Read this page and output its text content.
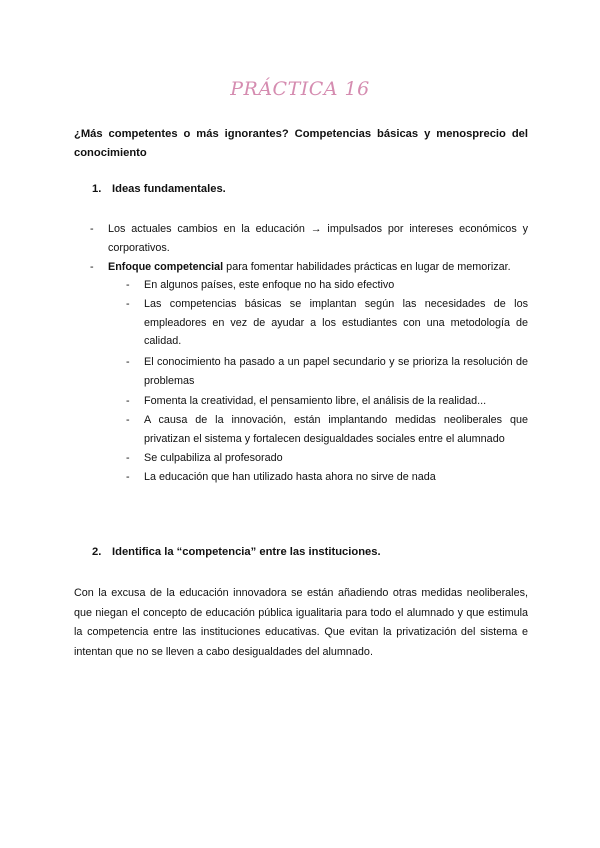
PRÁCTICA 16
¿Más competentes o más ignorantes? Competencias básicas y menosprecio del conocimiento
1. Ideas fundamentales.
- Los actuales cambios en la educación → impulsados por intereses económicos y corporativos.
- Enfoque competencial para fomentar habilidades prácticas en lugar de memorizar.
- En algunos países, este enfoque no ha sido efectivo
- Las competencias básicas se implantan según las necesidades de los empleadores en vez de ayudar a los estudiantes con una metodología de calidad.
- El conocimiento ha pasado a un papel secundario y se prioriza la resolución de problemas
- Fomenta la creatividad, el pensamiento libre, el análisis de la realidad...
- A causa de la innovación, están implantando medidas neoliberales que privatizan el sistema y fortalecen desigualdades sociales entre el alumnado
- Se culpabiliza al profesorado
- La educación que han utilizado hasta ahora no sirve de nada
2. Identifica la “competencia” entre las instituciones.
Con la excusa de la educación innovadora se están añadiendo otras medidas neoliberales, que niegan el concepto de educación pública igualitaria para todo el alumnado y que estimula la competencia entre las instituciones educativas. Que evitan la privatización del sistema e intentan que no se lleven a cabo desigualdades del alumnado.
